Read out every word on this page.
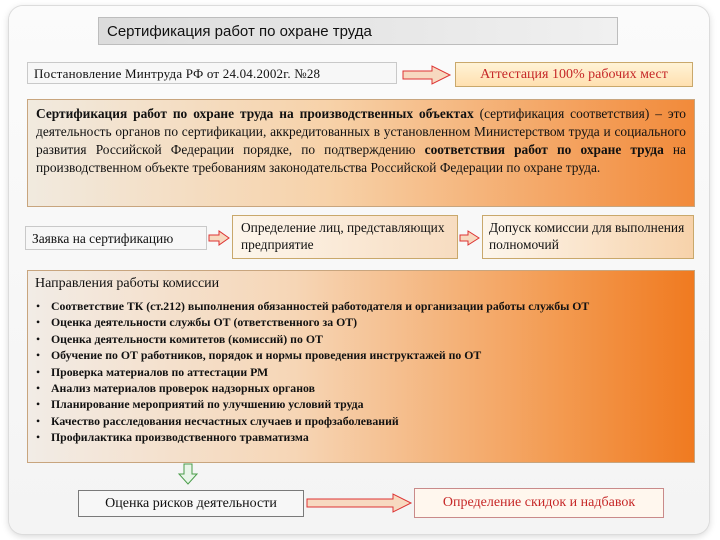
Сертификация работ по охране труда
Постановление Минтруда РФ от 24.04.2002г. №28	Аттестация 100% рабочих мест
Сертификация работ по охране труда на производственных объектах (сертификация соответствия) – это деятельность органов по сертификации, аккредитованных в установленном Министерством труда и социального развития Российской Федерации порядке, по подтверждению соответствия работ по охране труда на производственном объекте требованиям законодательства Российской Федерации по охране труда.
Заявка на сертификацию
Определение лиц, представляющих предприятие
Допуск комиссии для выполнения полномочий
Направления работы комиссии
• Соответствие ТК (ст.212) выполнения обязанностей работодателя и организации работы службы ОТ
• Оценка деятельности службы ОТ (ответственного за ОТ)
• Оценка деятельности комитетов (комиссий) по ОТ
• Обучение по ОТ работников, порядок и нормы проведения инструктажей по ОТ
• Проверка материалов по аттестации РМ
• Анализ материалов проверок надзорных органов
• Планирование мероприятий по улучшению условий труда
• Качество расследования несчастных случаев и профзаболеваний
• Профилактика производственного травматизма
Оценка рисков деятельности	Определение скидок и надбавок
